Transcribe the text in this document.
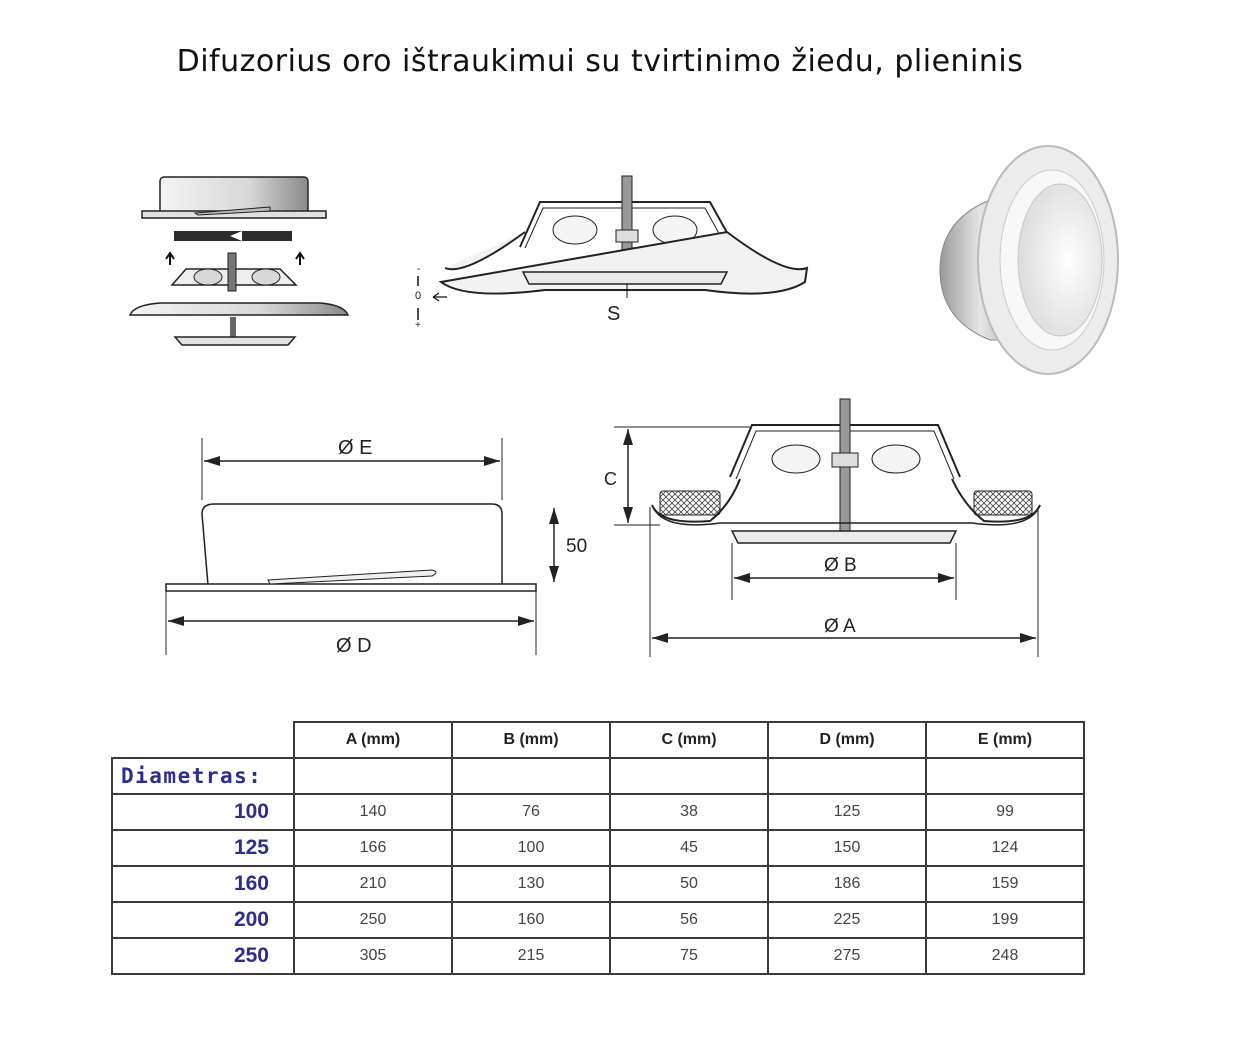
Difuzorius oro ištraukimui su tvirtinimo žiedu, plieninis
-
0
+
S
Ø E
Ø D
50
C
Ø B
Ø A
	A (mm)	B (mm)	C (mm)	D (mm)	E (mm)
Diametras:					
100	140	76	38	125	99
125	166	100	45	150	124
160	210	130	50	186	159
200	250	160	56	225	199
250	305	215	75	275	248
